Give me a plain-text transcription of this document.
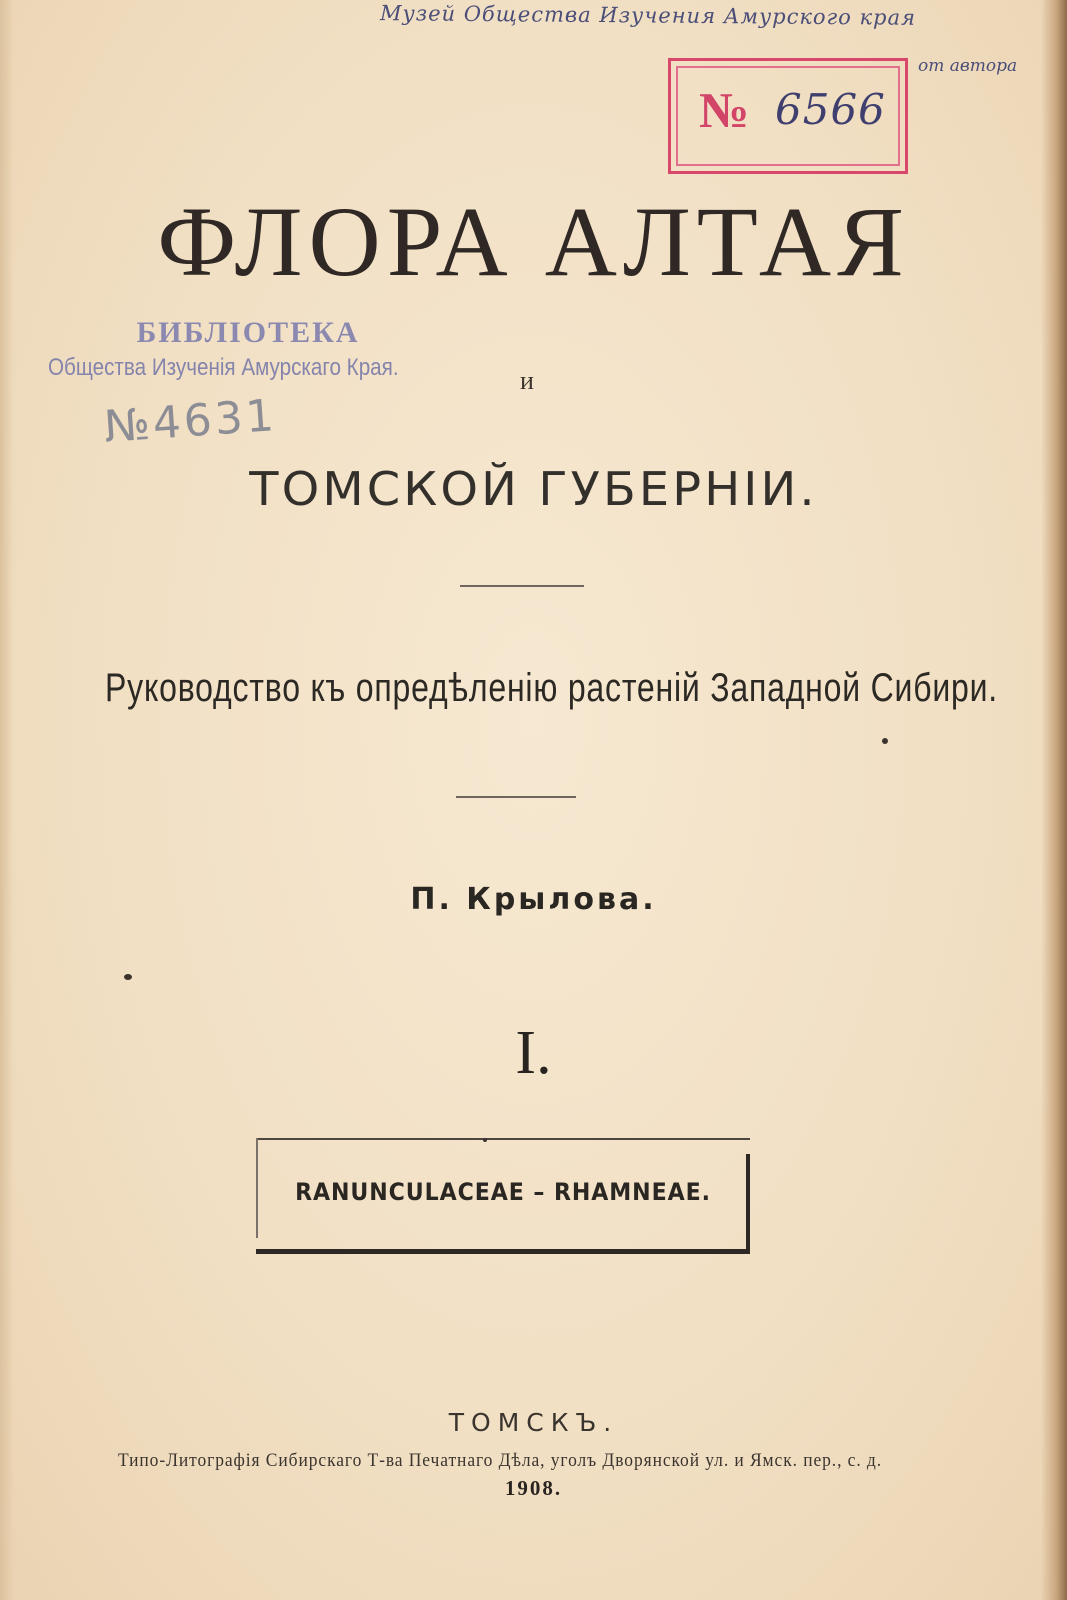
Музей Общества Изучения Амурского края
от автора
№ 6566
ФЛОРА АЛТАЯ
БИБЛІОТЕКА
Общества Изученія Амурскаго Края.
№4631
и
ТОМСКОЙ ГУБЕРНІИ.
Руководство къ опредѣленію растеній Западной Сибири.
П. Крылова.
I.
RANUNCULACEAE – RHAMNEAE.
ТОМСКЪ.
Типо-Литографія Сибирскаго Т-ва Печатнаго Дѣла, уголъ Дворянской ул. и Ямск. пер., с. д.
1908.
